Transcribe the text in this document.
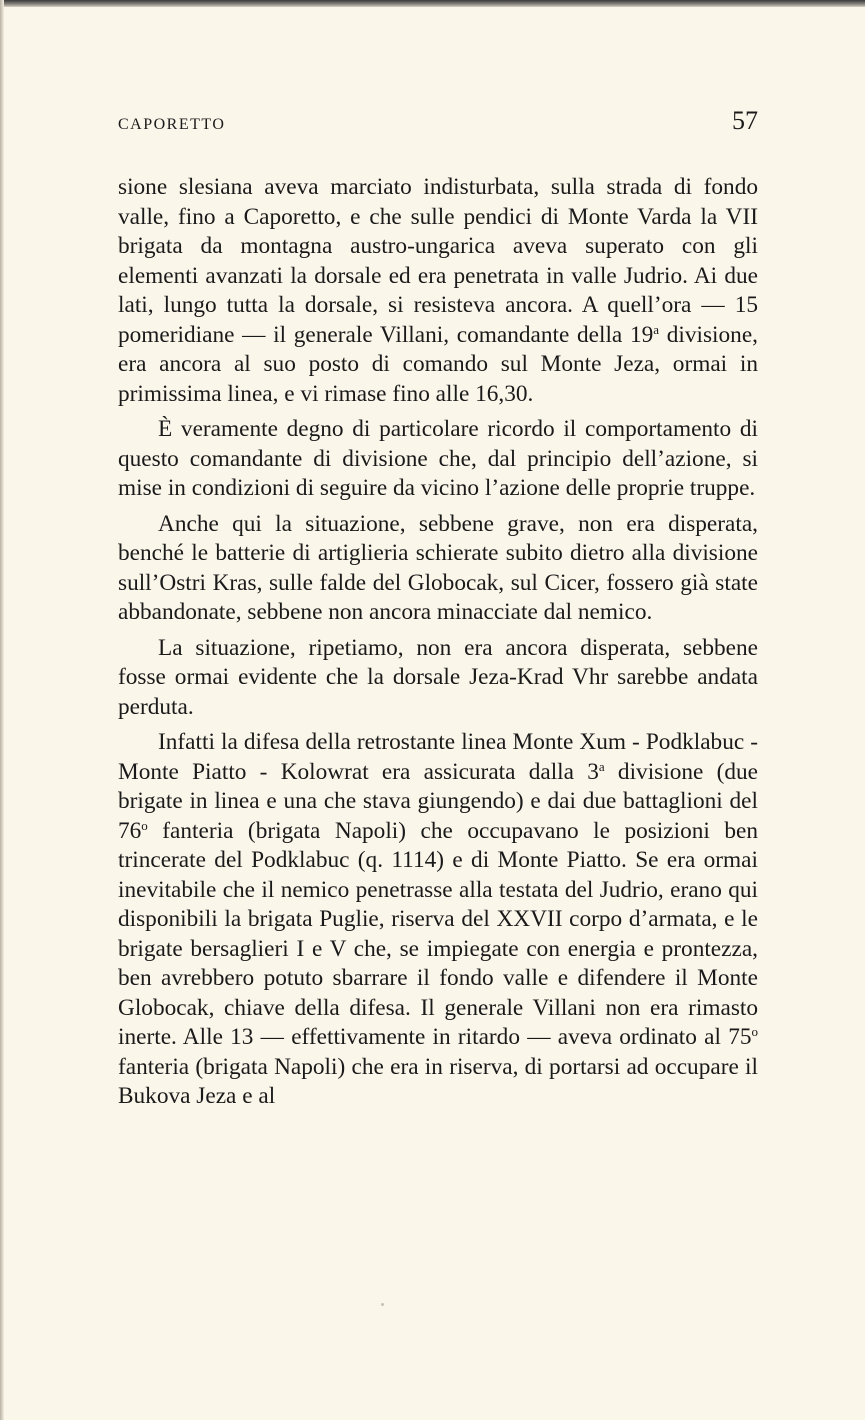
CAPORETTO	57

sione slesiana aveva marciato indisturbata, sulla strada di fondo valle, fino a Caporetto, e che sulle pendici di Monte Varda la VII brigata da montagna austro-ungarica aveva superato con gli elementi avanzati la dorsale ed era penetrata in valle Judrio. Ai due lati, lungo tutta la dorsale, si resisteva ancora. A quell’ora — 15 pomeridiane — il generale Villani, comandante della 19$^a$ divisione, era ancora al suo posto di comando sul Monte Jeza, ormai in primissima linea, e vi rimase fino alle 16,30.

È veramente degno di particolare ricordo il comportamento di questo comandante di divisione che, dal principio dell’azione, si mise in condizioni di seguire da vicino l’azione delle proprie truppe.

Anche qui la situazione, sebbene grave, non era disperata, benché le batterie di artiglieria schierate subito dietro alla divisione sull’Ostri Kras, sulle falde del Globocak, sul Cicer, fossero già state abbandonate, sebbene non ancora minacciate dal nemico.

La situazione, ripetiamo, non era ancora disperata, sebbene fosse ormai evidente che la dorsale Jeza-Krad Vhr sarebbe andata perduta.

Infatti la difesa della retrostante linea Monte Xum - Podklabuc - Monte Piatto - Kolowrat era assicurata dalla 3$^a$ divisione (due brigate in linea e una che stava giungendo) e dai due battaglioni del 76$^o$ fanteria (brigata Napoli) che occupavano le posizioni ben trincerate del Podklabuc (q. 1114) e di Monte Piatto. Se era ormai inevitabile che il nemico penetrasse alla testata del Judrio, erano qui disponibili la brigata Puglie, riserva del XXVII corpo d’armata, e le brigate bersaglieri I e V che, se impiegate con energia e prontezza, ben avrebbero potuto sbarrare il fondo valle e difendere il Monte Globocak, chiave della difesa. Il generale Villani non era rimasto inerte. Alle 13 — effettivamente in ritardo — aveva ordinato al 75$^o$ fanteria (brigata Napoli) che era in riserva, di portarsi ad occupare il Bukova Jeza e al
